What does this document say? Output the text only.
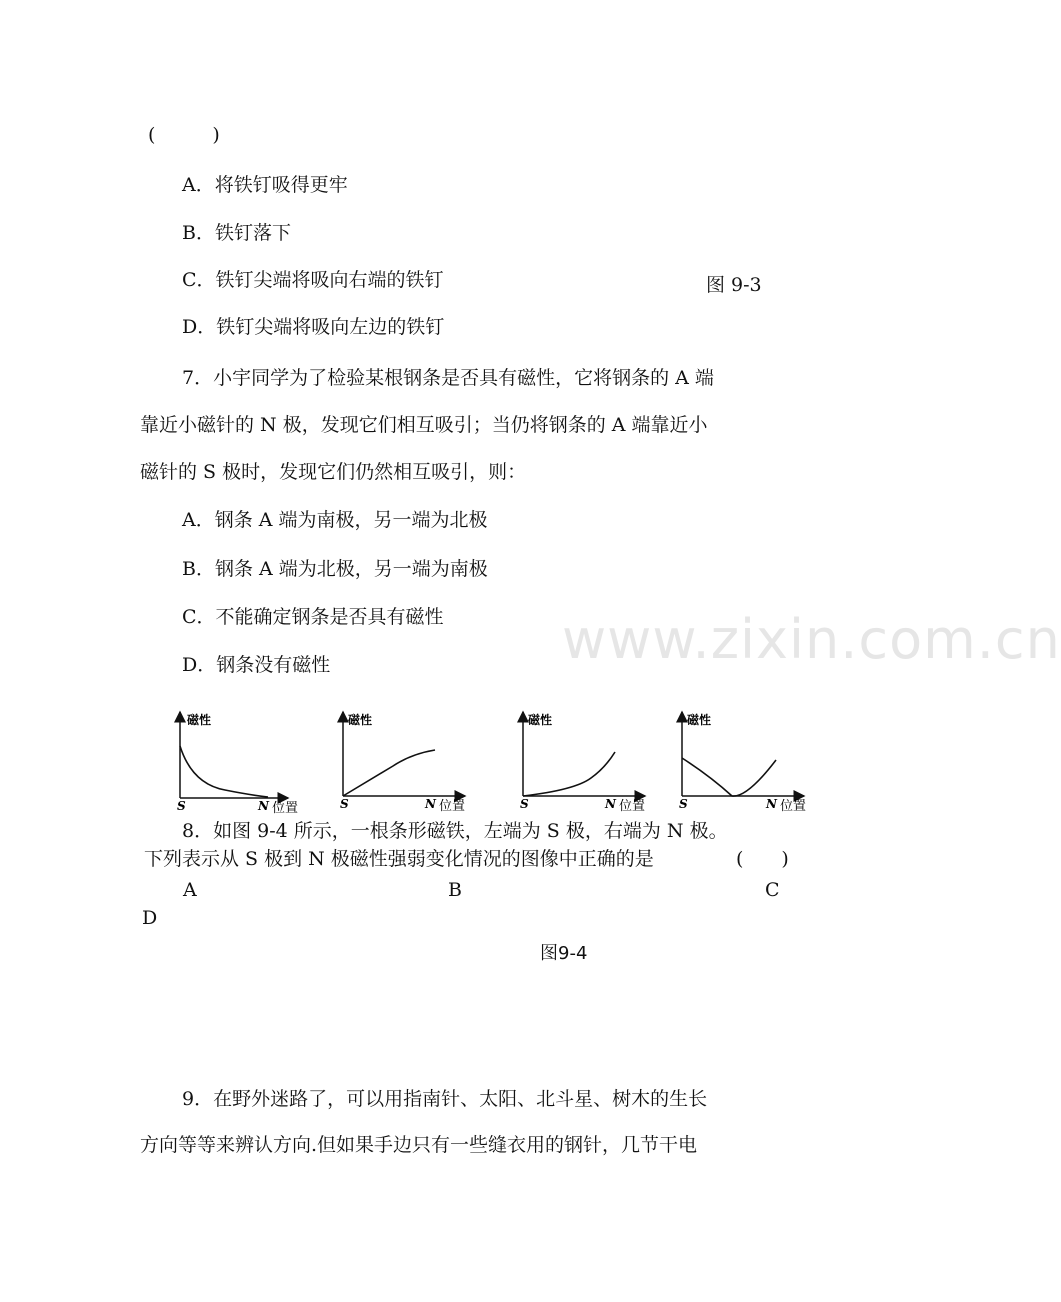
www.zixin.com.cn
(　　　)
A．将铁钉吸得更牢
B．铁钉落下
C．铁钉尖端将吸向右端的铁钉	图 9-3
D．铁钉尖端将吸向左边的铁钉
7．小宇同学为了检验某根钢条是否具有磁性，它将钢条的 A 端
靠近小磁针的 N 极，发现它们相互吸引；当仍将钢条的 A 端靠近小
磁针的 S 极时，发现它们仍然相互吸引，则：
A．钢条 A 端为南极，另一端为北极
B．钢条 A 端为北极，另一端为南极
C．不能确定钢条是否具有磁性
D．钢条没有磁性
磁性
S	N 位置
磁性
S	N 位置
磁性
S	N 位置
磁性
S	N 位置
8．如图 9-4 所示，一根条形磁铁，左端为 S 极，右端为 N 极。
下列表示从 S 极到 N 极磁性强弱变化情况的图像中正确的是	(　　)
A	B	C
D
图9-4
9．在野外迷路了，可以用指南针、太阳、北斗星、树木的生长
方向等等来辨认方向.但如果手边只有一些缝衣用的钢针，几节干电
